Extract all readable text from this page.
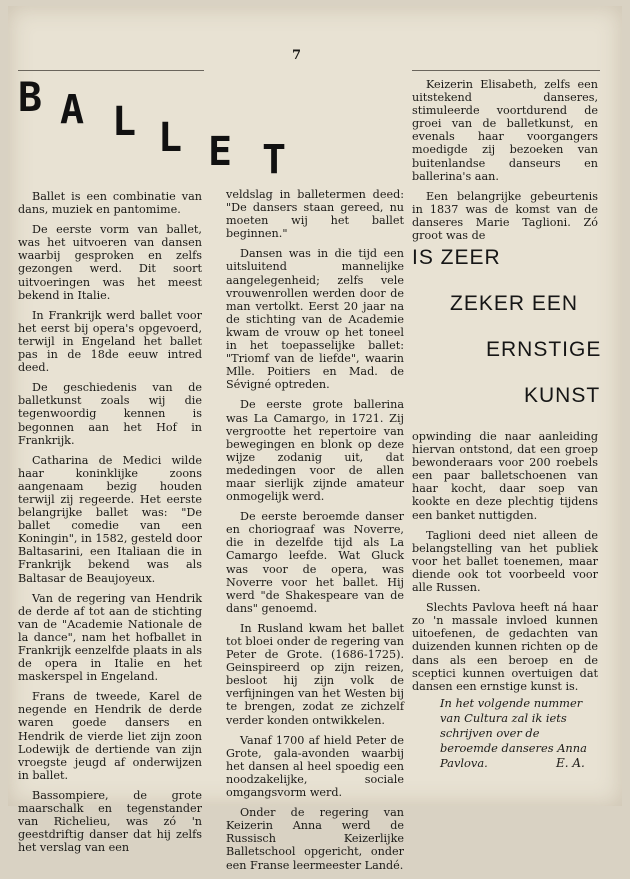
7
B A L L E T

Ballet is een combinatie van dans, muziek en pantomime.

De eerste vorm van ballet, was het uitvoeren van dansen waarbij gesproken en zelfs gezongen werd. Dit soort uitvoeringen was het meest bekend in Italie.

In Frankrijk werd ballet voor het eerst bij opera's opgevoerd, terwijl in Engeland het ballet pas in de 18de eeuw intred deed.

De geschiedenis van de balletkunst zoals wij die tegenwoordig kennen is begonnen aan het Hof in Frankrijk.

Catharina de Medici wilde haar koninklijke zoons aangenaam bezig houden terwijl zij regeerde. Het eerste belangrijke ballet was: "De ballet comedie van een Koningin", in 1582, gesteld door Baltasarini, een Italiaan die in Frankrijk bekend was als Baltasar de Beaujoyeux.

Van de regering van Hendrik de derde af tot aan de stichting van de "Academie Nationale de la dance", nam het hofballet in Frankrijk eenzelfde plaats in als de opera in Italie en het maskerspel in Engeland.

Frans de tweede, Karel de negende en Hendrik de derde waren goede dansers en Hendrik de vierde liet zijn zoon Lodewijk de dertiende van zijn vroegste jeugd af onderwijzen in ballet.

Bassompiere, de grote maarschalk en tegenstander van Richelieu, was zó 'n geestdriftig danser dat hij zelfs het verslag van een

veldslag in balletermen deed: "De dansers staan gereed, nu moeten wij het ballet beginnen."

Dansen was in die tijd een uitsluitend mannelijke aangelegenheid; zelfs vele vrouwenrollen werden door de man vertolkt. Eerst 20 jaar na de stichting van de Academie kwam de vrouw op het toneel in het toepasselijke ballet: "Triomf van de liefde", waarin Mlle. Poitiers en Mad. de Sévigné optreden.

De eerste grote ballerina was La Camargo, in 1721. Zij vergrootte het repertoire van bewegingen en blonk op deze wijze zodanig uit, dat mededingen voor de allen maar sierlijk zijnde amateur onmogelijk werd.

De eerste beroemde danser en choriograaf was Noverre, die in dezelfde tijd als La Camargo leefde. Wat Gluck was voor de opera, was Noverre voor het ballet. Hij werd "de Shakespeare van de dans" genoemd.

In Rusland kwam het ballet tot bloei onder de regering van Peter de Grote. (1686-1725). Geinspireerd op zijn reizen, besloot hij zijn volk de verfijningen van het Westen bij te brengen, zodat ze zichzelf verder konden ontwikkelen.

Vanaf 1700 af hield Peter de Grote, gala-avonden waarbij het dansen al heel spoedig een noodzakelijke, sociale omgangsvorm werd.

Onder de regering van Keizerin Anna werd de Russisch Keizerlijke Balletschool opgericht, onder een Franse leermeester Landé.

Keizerin Elisabeth, zelfs een uitstekend danseres, stimuleerde voortdurend de groei van de balletkunst, en evenals haar voorgangers moedigde zij bezoeken van buitenlandse danseurs en ballerina's aan.

Een belangrijke gebeurtenis in 1837 was de komst van de danseres Marie Taglioni. Zó groot was de

IS ZEER
ZEKER EEN
ERNSTIGE
KUNST

opwinding die naar aanleiding hiervan ontstond, dat een groep bewonderaars voor 200 roebels een paar balletschoenen van haar kocht, daar soep van kookte en deze plechtig tijdens een banket nuttigden.

Taglioni deed niet alleen de belangstelling van het publiek voor het ballet toenemen, maar diende ook tot voorbeeld voor alle Russen.

Slechts Pavlova heeft ná haar zo 'n massale invloed kunnen uitoefenen, de gedachten van duizenden kunnen richten op de dans als een beroep en de sceptici kunnen overtuigen dat dansen een ernstige kunst is.

In het volgende nummer van Cultura zal ik iets schrijven over de beroemde danseres Anna Pavlova.	E. A.
